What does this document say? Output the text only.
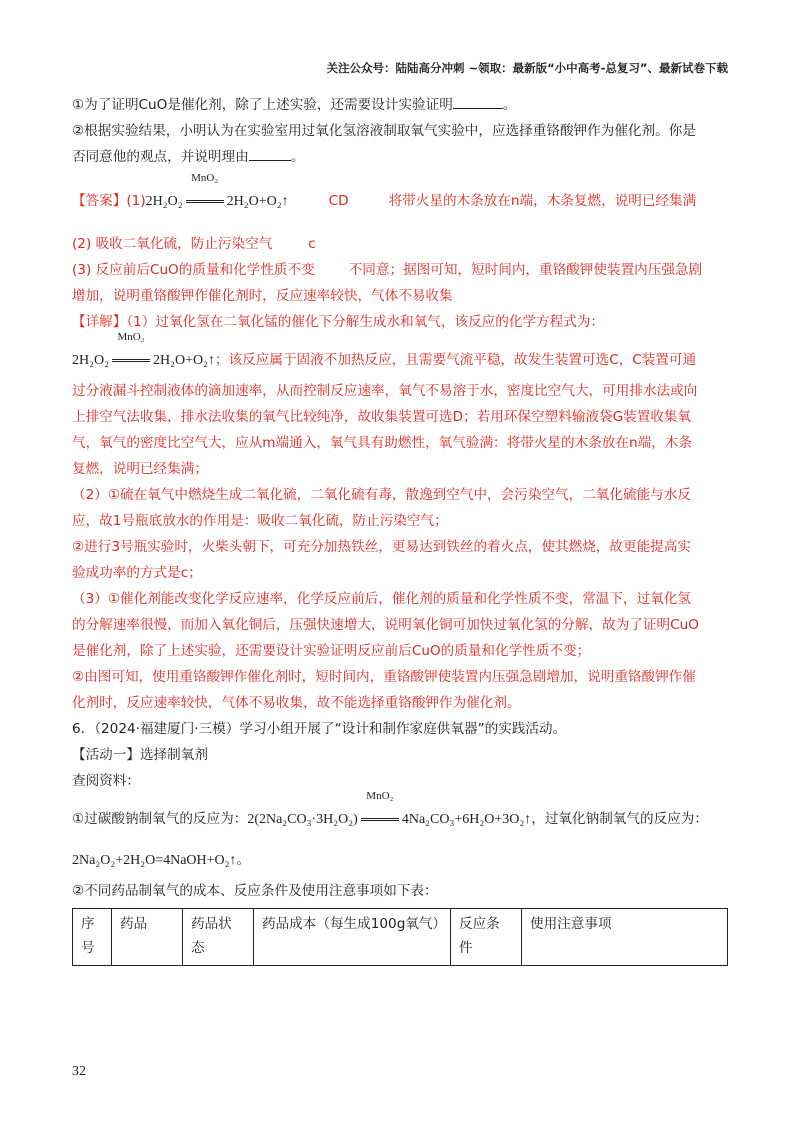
关注公众号：陆陆高分冲刺 ~领取：最新版“小中高考-总复习”、最新试卷下载

①为了证明CuO是催化剂，除了上述实验，还需要设计实验证明	。

②根据实验结果，小明认为在实验室用过氧化氢溶液制取氧气实验中，应选择重铬酸钾作为催化剂。你是

否同意他的观点，并说明理由	。

【答案】(1)2H₂O₂
MnO₂
2H₂O+O₂↑	CD	将带火星的木条放在n端，木条复燃，说明已经集满

(2) 吸收二氧化硫，防止污染空气	c

(3) 反应前后CuO的质量和化学性质不变	不同意；据图可知，短时间内，重铬酸钾使装置内压强急剧

增加，说明重铬酸钾作催化剂时，反应速率较快，气体不易收集

【详解】（1）过氧化氢在二氧化锰的催化下分解生成水和氧气，该反应的化学方程式为：

2H₂O₂
MnO₂
2H₂O+O₂↑；该反应属于固液不加热反应，且需要气流平稳，故发生装置可选C，C装置可通

过分液漏斗控制液体的滴加速率，从而控制反应速率，氧气不易溶于水，密度比空气大，可用排水法或向

上排空气法收集，排水法收集的氧气比较纯净，故收集装置可选D；若用环保空塑料输液袋G装置收集氧

气，氧气的密度比空气大，应从m端通入，氧气具有助燃性，氧气验满：将带火星的木条放在n端，木条

复燃，说明已经集满；

（2）①硫在氧气中燃烧生成二氧化硫，二氧化硫有毒，散逸到空气中，会污染空气，二氧化硫能与水反

应，故1号瓶底放水的作用是：吸收二氧化硫，防止污染空气；

②进行3号瓶实验时，火柴头朝下，可充分加热铁丝，更易达到铁丝的着火点，使其燃烧，故更能提高实

验成功率的方式是c；

（3）①催化剂能改变化学反应速率，化学反应前后，催化剂的质量和化学性质不变，常温下，过氧化氢

的分解速率很慢，而加入氧化铜后，压强快速增大，说明氧化铜可加快过氧化氢的分解，故为了证明CuO

是催化剂，除了上述实验，还需要设计实验证明反应前后CuO的质量和化学性质不变；

②由图可知，使用重铬酸钾作催化剂时，短时间内，重铬酸钾使装置内压强急剧增加，说明重铬酸钾作催

化剂时，反应速率较快，气体不易收集，故不能选择重铬酸钾作为催化剂。

6．（2024·福建厦门·三模）学习小组开展了“设计和制作家庭供氧器”的实践活动。

【活动一】选择制氧剂

查阅资料：

①过碳酸钠制氧气的反应为：2(2Na₂CO₃·3H₂O₂)
MnO₂
4Na₂CO₃+6H₂O+3O₂↑，过氧化钠制氧气的反应为：

2Na₂O₂+2H₂O=4NaOH+O₂↑。

②不同药品制氧气的成本、反应条件及使用注意事项如下表：

序号	药品	药品状态	药品成本（每生成100g氧气）	反应条件	使用注意事项
32
